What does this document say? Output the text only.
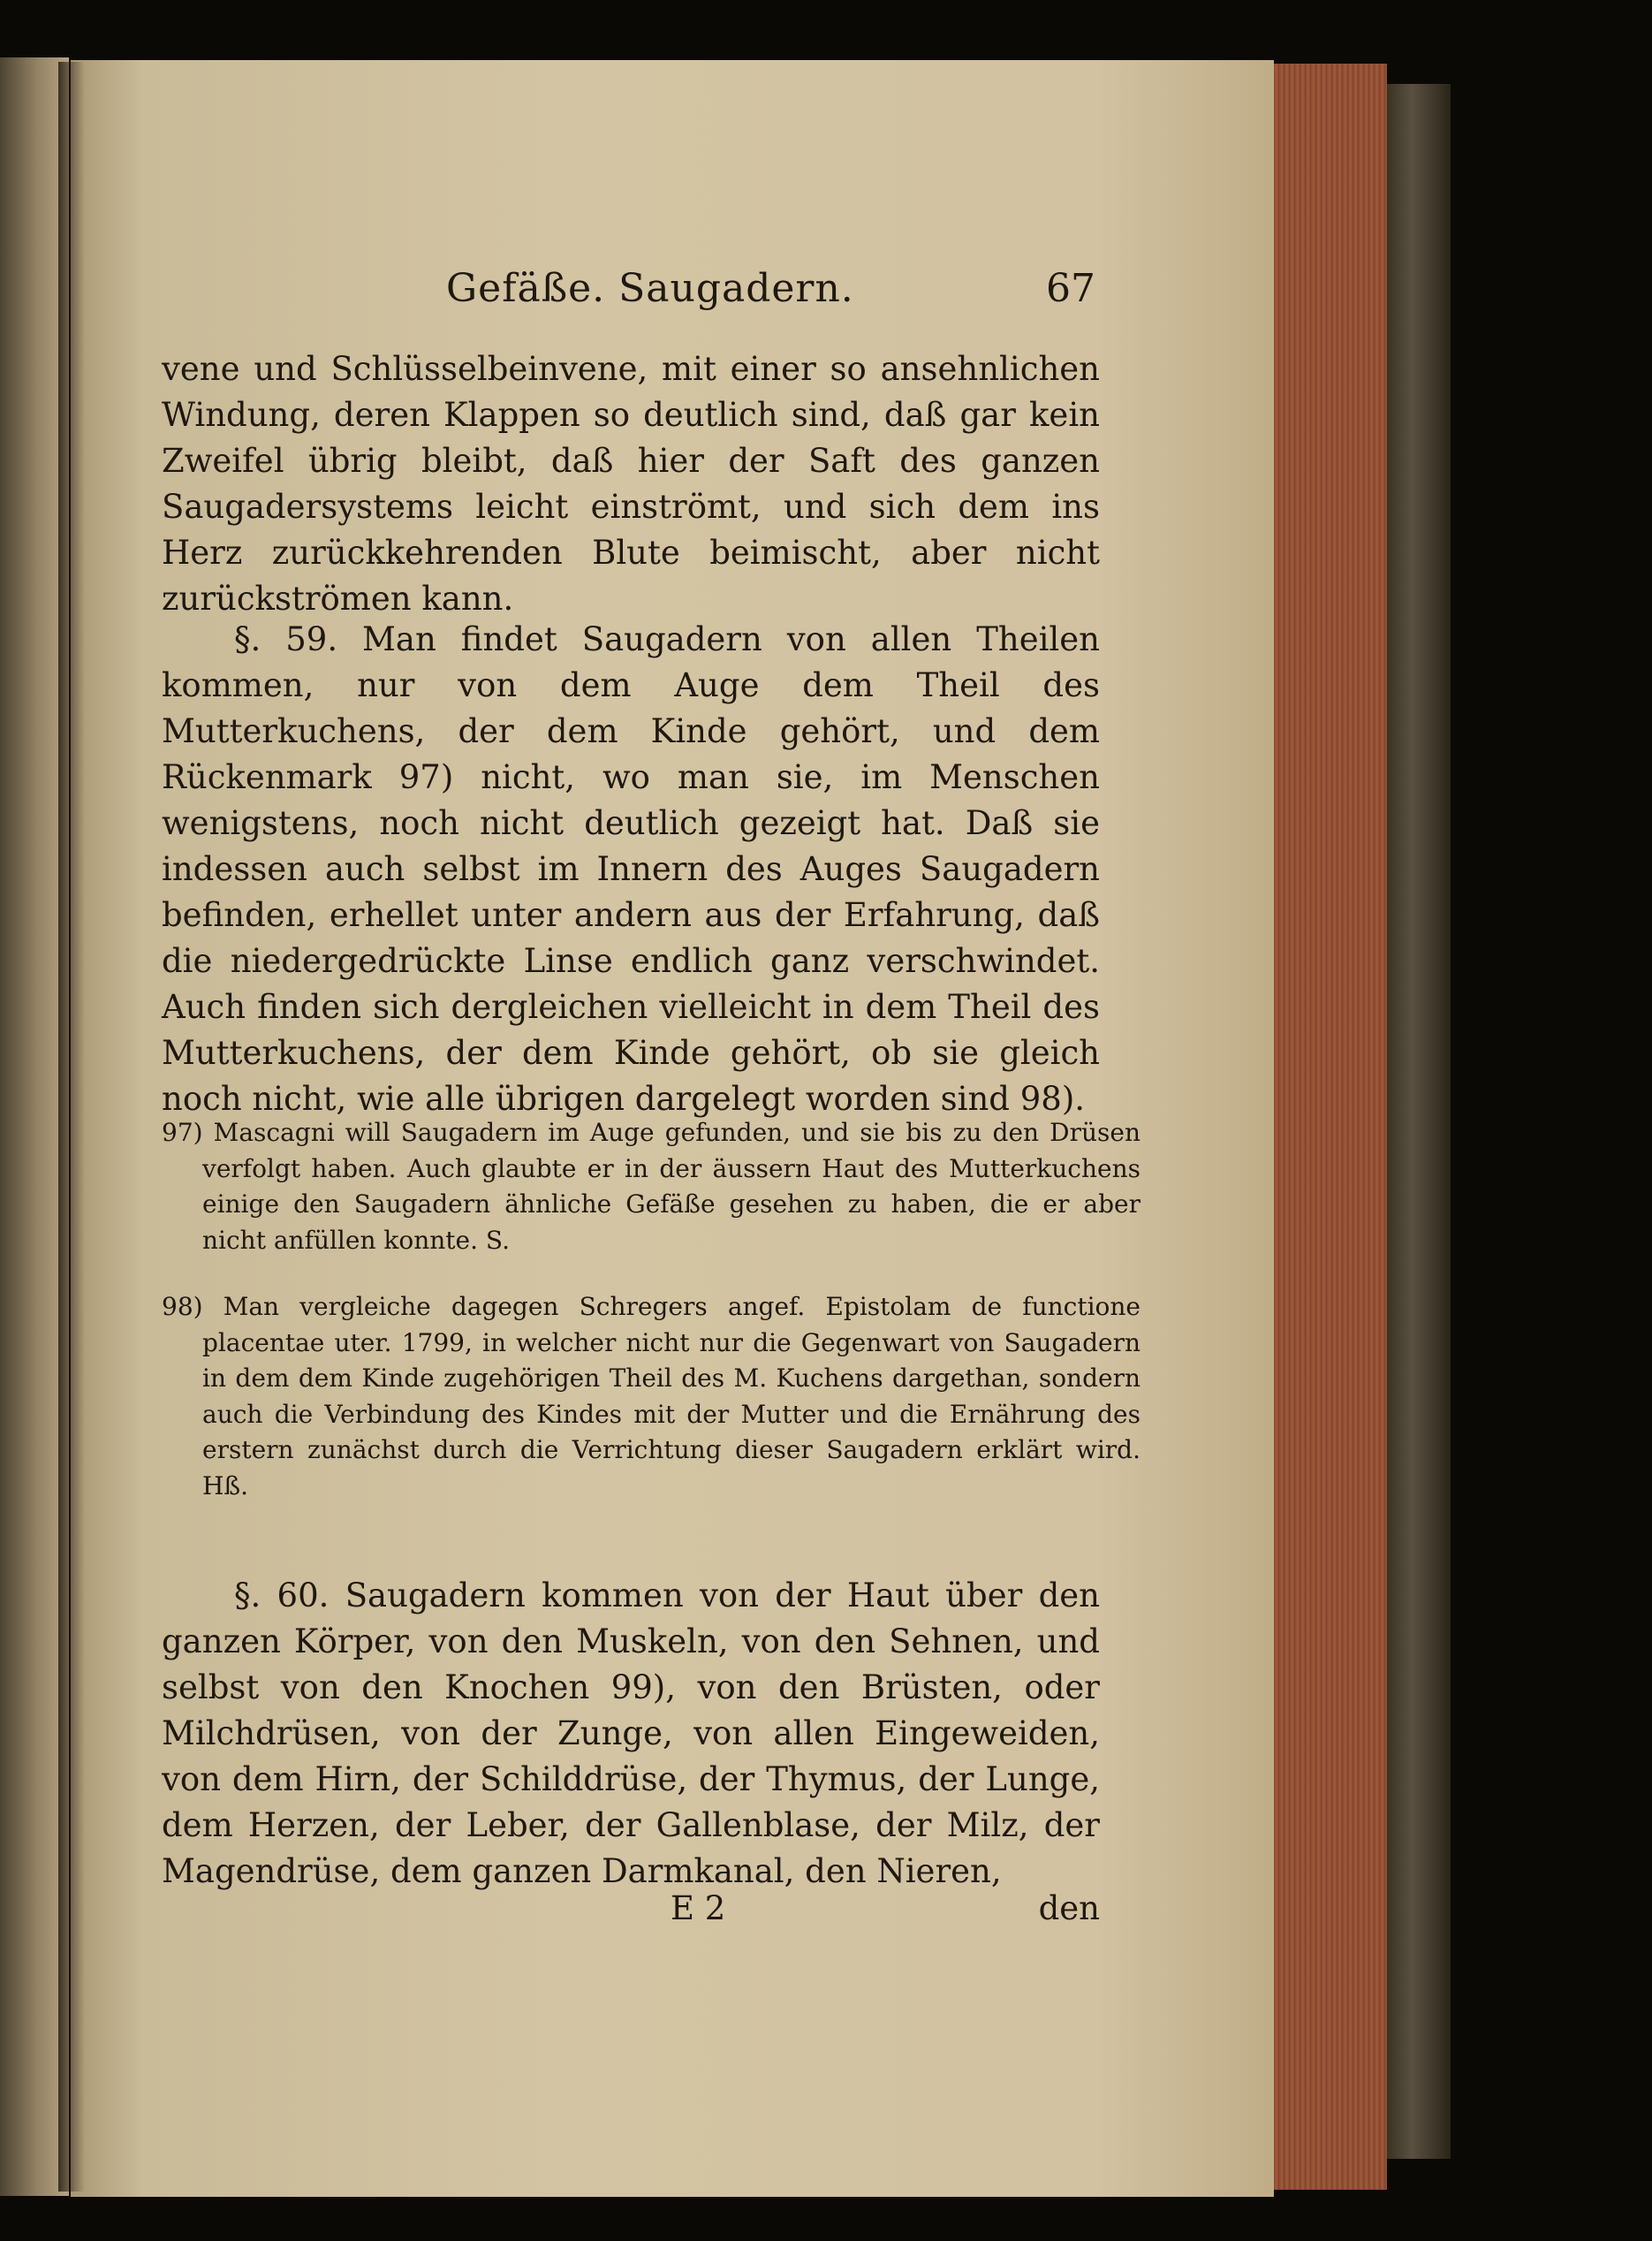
Gefäße. Saugadern.	67
vene und Schlüsselbeinvene, mit einer so ansehnlichen Windung, deren Klappen so deutlich sind, daß gar kein Zweifel übrig bleibt, daß hier der Saft des ganzen Saugadersystems leicht einströmt, und sich dem ins Herz zurückkehrenden Blute beimischt, aber nicht zurückströmen kann.
§. 59. Man findet Saugadern von allen Theilen kommen, nur von dem Auge dem Theil des Mutterkuchens, der dem Kinde gehört, und dem Rückenmark 97) nicht, wo man sie, im Menschen wenigstens, noch nicht deutlich gezeigt hat. Daß sie indessen auch selbst im Innern des Auges Saugadern befinden, erhellet unter andern aus der Erfahrung, daß die niedergedrückte Linse endlich ganz verschwindet. Auch finden sich dergleichen vielleicht in dem Theil des Mutterkuchens, der dem Kinde gehört, ob sie gleich noch nicht, wie alle übrigen dargelegt worden sind 98).
97) Mascagni will Saugadern im Auge gefunden, und sie bis zu den Drüsen verfolgt haben. Auch glaubte er in der äussern Haut des Mutterkuchens einige den Saugadern ähnliche Gefäße gesehen zu haben, die er aber nicht anfüllen konnte. S.
98) Man vergleiche dagegen Schregers angef. Epistolam de functione placentae uter. 1799, in welcher nicht nur die Gegenwart von Saugadern in dem dem Kinde zugehörigen Theil des M. Kuchens dargethan, sondern auch die Verbindung des Kindes mit der Mutter und die Ernährung des erstern zunächst durch die Verrichtung dieser Saugadern erklärt wird. Hß.
§. 60. Saugadern kommen von der Haut über den ganzen Körper, von den Muskeln, von den Sehnen, und selbst von den Knochen 99), von den Brüsten, oder Milchdrüsen, von der Zunge, von allen Eingeweiden, von dem Hirn, der Schilddrüse, der Thymus, der Lunge, dem Herzen, der Leber, der Gallenblase, der Milz, der Magendrüse, dem ganzen Darmkanal, den Nieren,
E 2	den
